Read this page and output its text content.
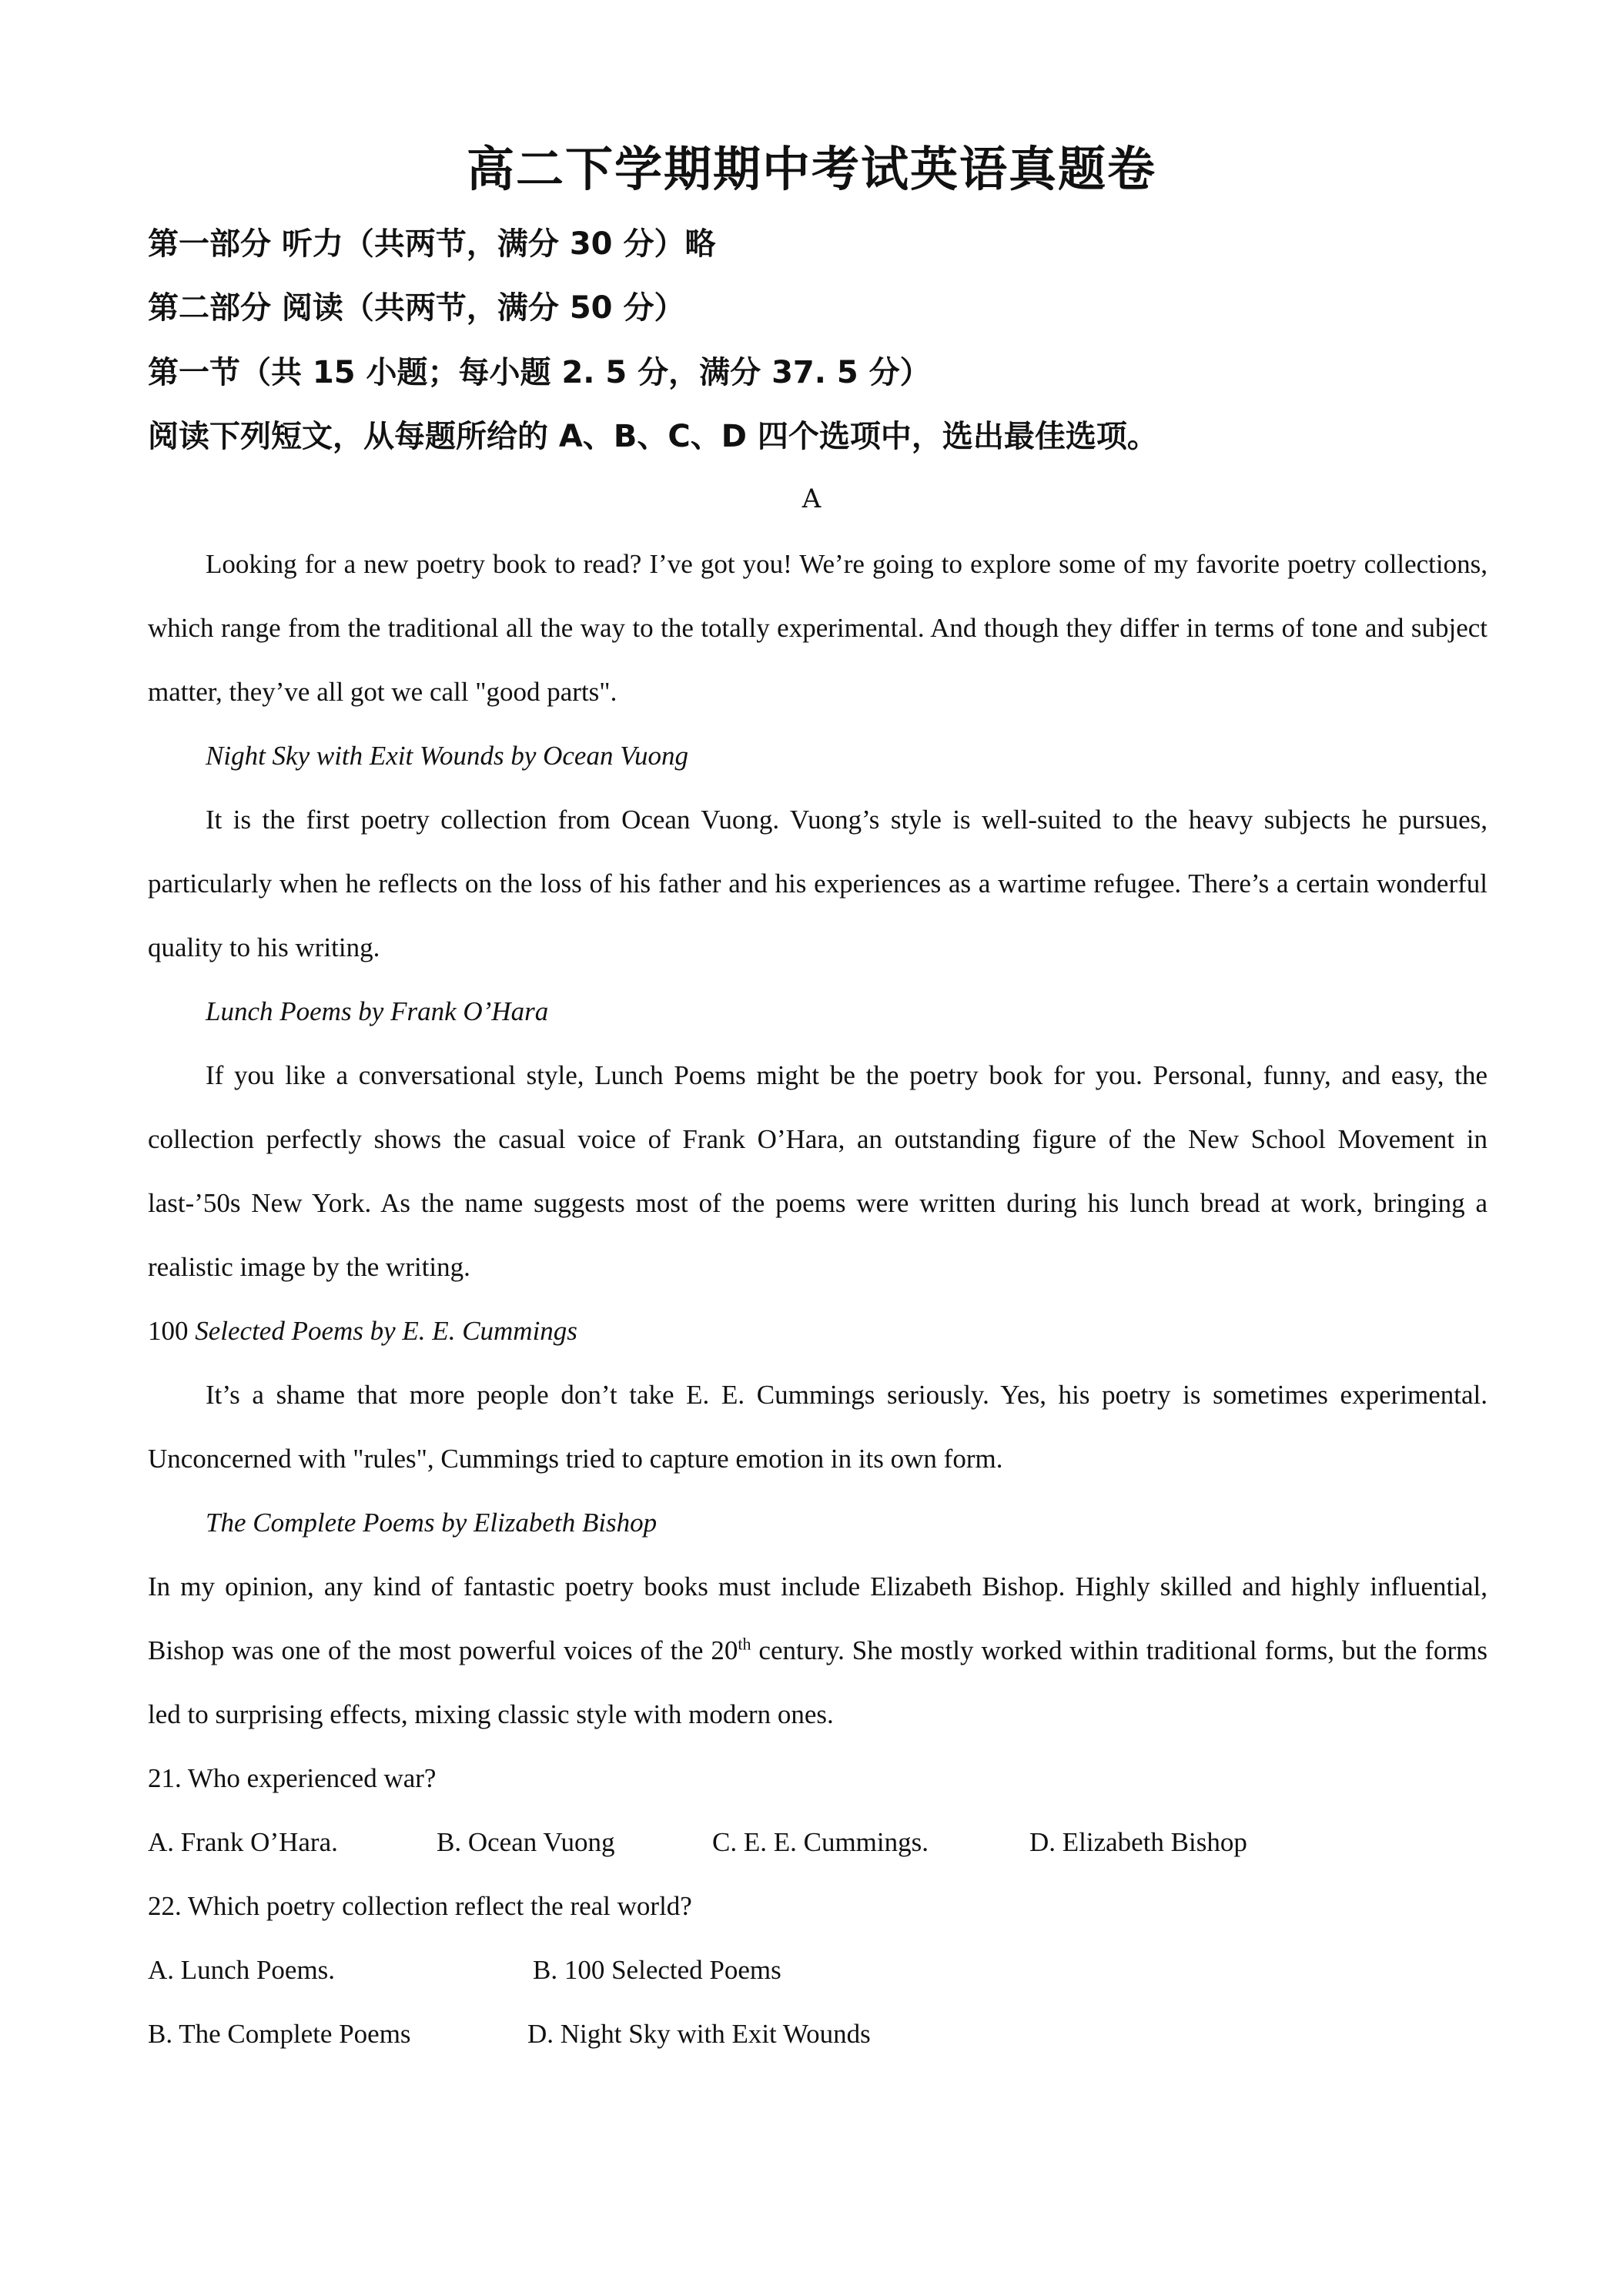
高二下学期期中考试英语真题卷

第一部分 听力（共两节，满分 30 分）略

第二部分 阅读（共两节，满分 50 分）

第一节（共 15 小题；每小题 2. 5 分，满分 37. 5 分）

阅读下列短文，从每题所给的 A、B、C、D 四个选项中，选出最佳选项。

A

Looking for a new poetry book to read? I’ve got you! We’re going to explore some of my favorite poetry collections, which range from the traditional all the way to the totally experimental. And though they differ in terms of tone and subject matter, they’ve all got we call "good parts".

Night Sky with Exit Wounds by Ocean Vuong

It is the first poetry collection from Ocean Vuong. Vuong’s style is well-suited to the heavy subjects he pursues, particularly when he reflects on the loss of his father and his experiences as a wartime refugee. There’s a certain wonderful quality to his writing.

Lunch Poems by Frank O’Hara

If you like a conversational style, Lunch Poems might be the poetry book for you. Personal, funny, and easy, the collection perfectly shows the casual voice of Frank O’Hara, an outstanding figure of the New School Movement in last-’50s New York. As the name suggests most of the poems were written during his lunch bread at work, bringing a realistic image by the writing.

100 Selected Poems by E. E. Cummings

It’s a shame that more people don’t take E. E. Cummings seriously. Yes, his poetry is sometimes experimental. Unconcerned with "rules", Cummings tried to capture emotion in its own form.

The Complete Poems by Elizabeth Bishop

In my opinion, any kind of fantastic poetry books must include Elizabeth Bishop. Highly skilled and highly influential, Bishop was one of the most powerful voices of the 20th century. She mostly worked within traditional forms, but the forms led to surprising effects, mixing classic style with modern ones.

21. Who experienced war?

A. Frank O’Hara.	B. Ocean Vuong	C. E. E. Cummings.	D. Elizabeth Bishop

22. Which poetry collection reflect the real world?

A. Lunch Poems.	B. 100 Selected Poems
B. The Complete Poems	D. Night Sky with Exit Wounds
